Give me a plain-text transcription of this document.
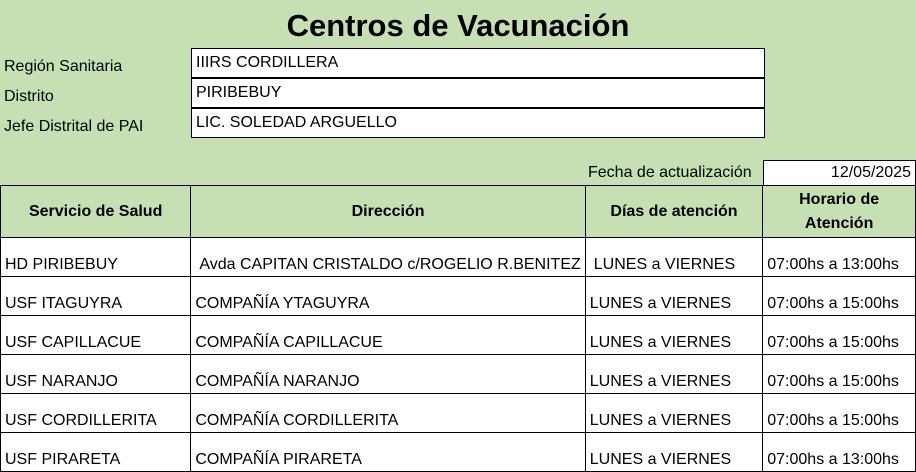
Centros de Vacunación
Región Sanitaria	IIIRS CORDILLERA
Distrito	PIRIBEBUY
Jefe Distrital de PAI	LIC. SOLEDAD ARGUELLO
Fecha de actualización	12/05/2025
Servicio de Salud	Dirección	Días de atención	Horario de Atención
HD PIRIBEBUY	Avda CAPITAN CRISTALDO c/ROGELIO R.BENITEZ	LUNES a VIERNES	07:00hs a 13:00hs
USF ITAGUYRA	COMPAÑÍA YTAGUYRA	LUNES a VIERNES	07:00hs a 15:00hs
USF CAPILLACUE	COMPAÑÍA CAPILLACUE	LUNES a VIERNES	07:00hs a 15:00hs
USF NARANJO	COMPAÑÍA NARANJO	LUNES a VIERNES	07:00hs a 15:00hs
USF CORDILLERITA	COMPAÑÍA CORDILLERITA	LUNES a VIERNES	07:00hs a 15:00hs
USF PIRARETA	COMPAÑÍA PIRARETA	LUNES a VIERNES	07:00hs a 13:00hs
